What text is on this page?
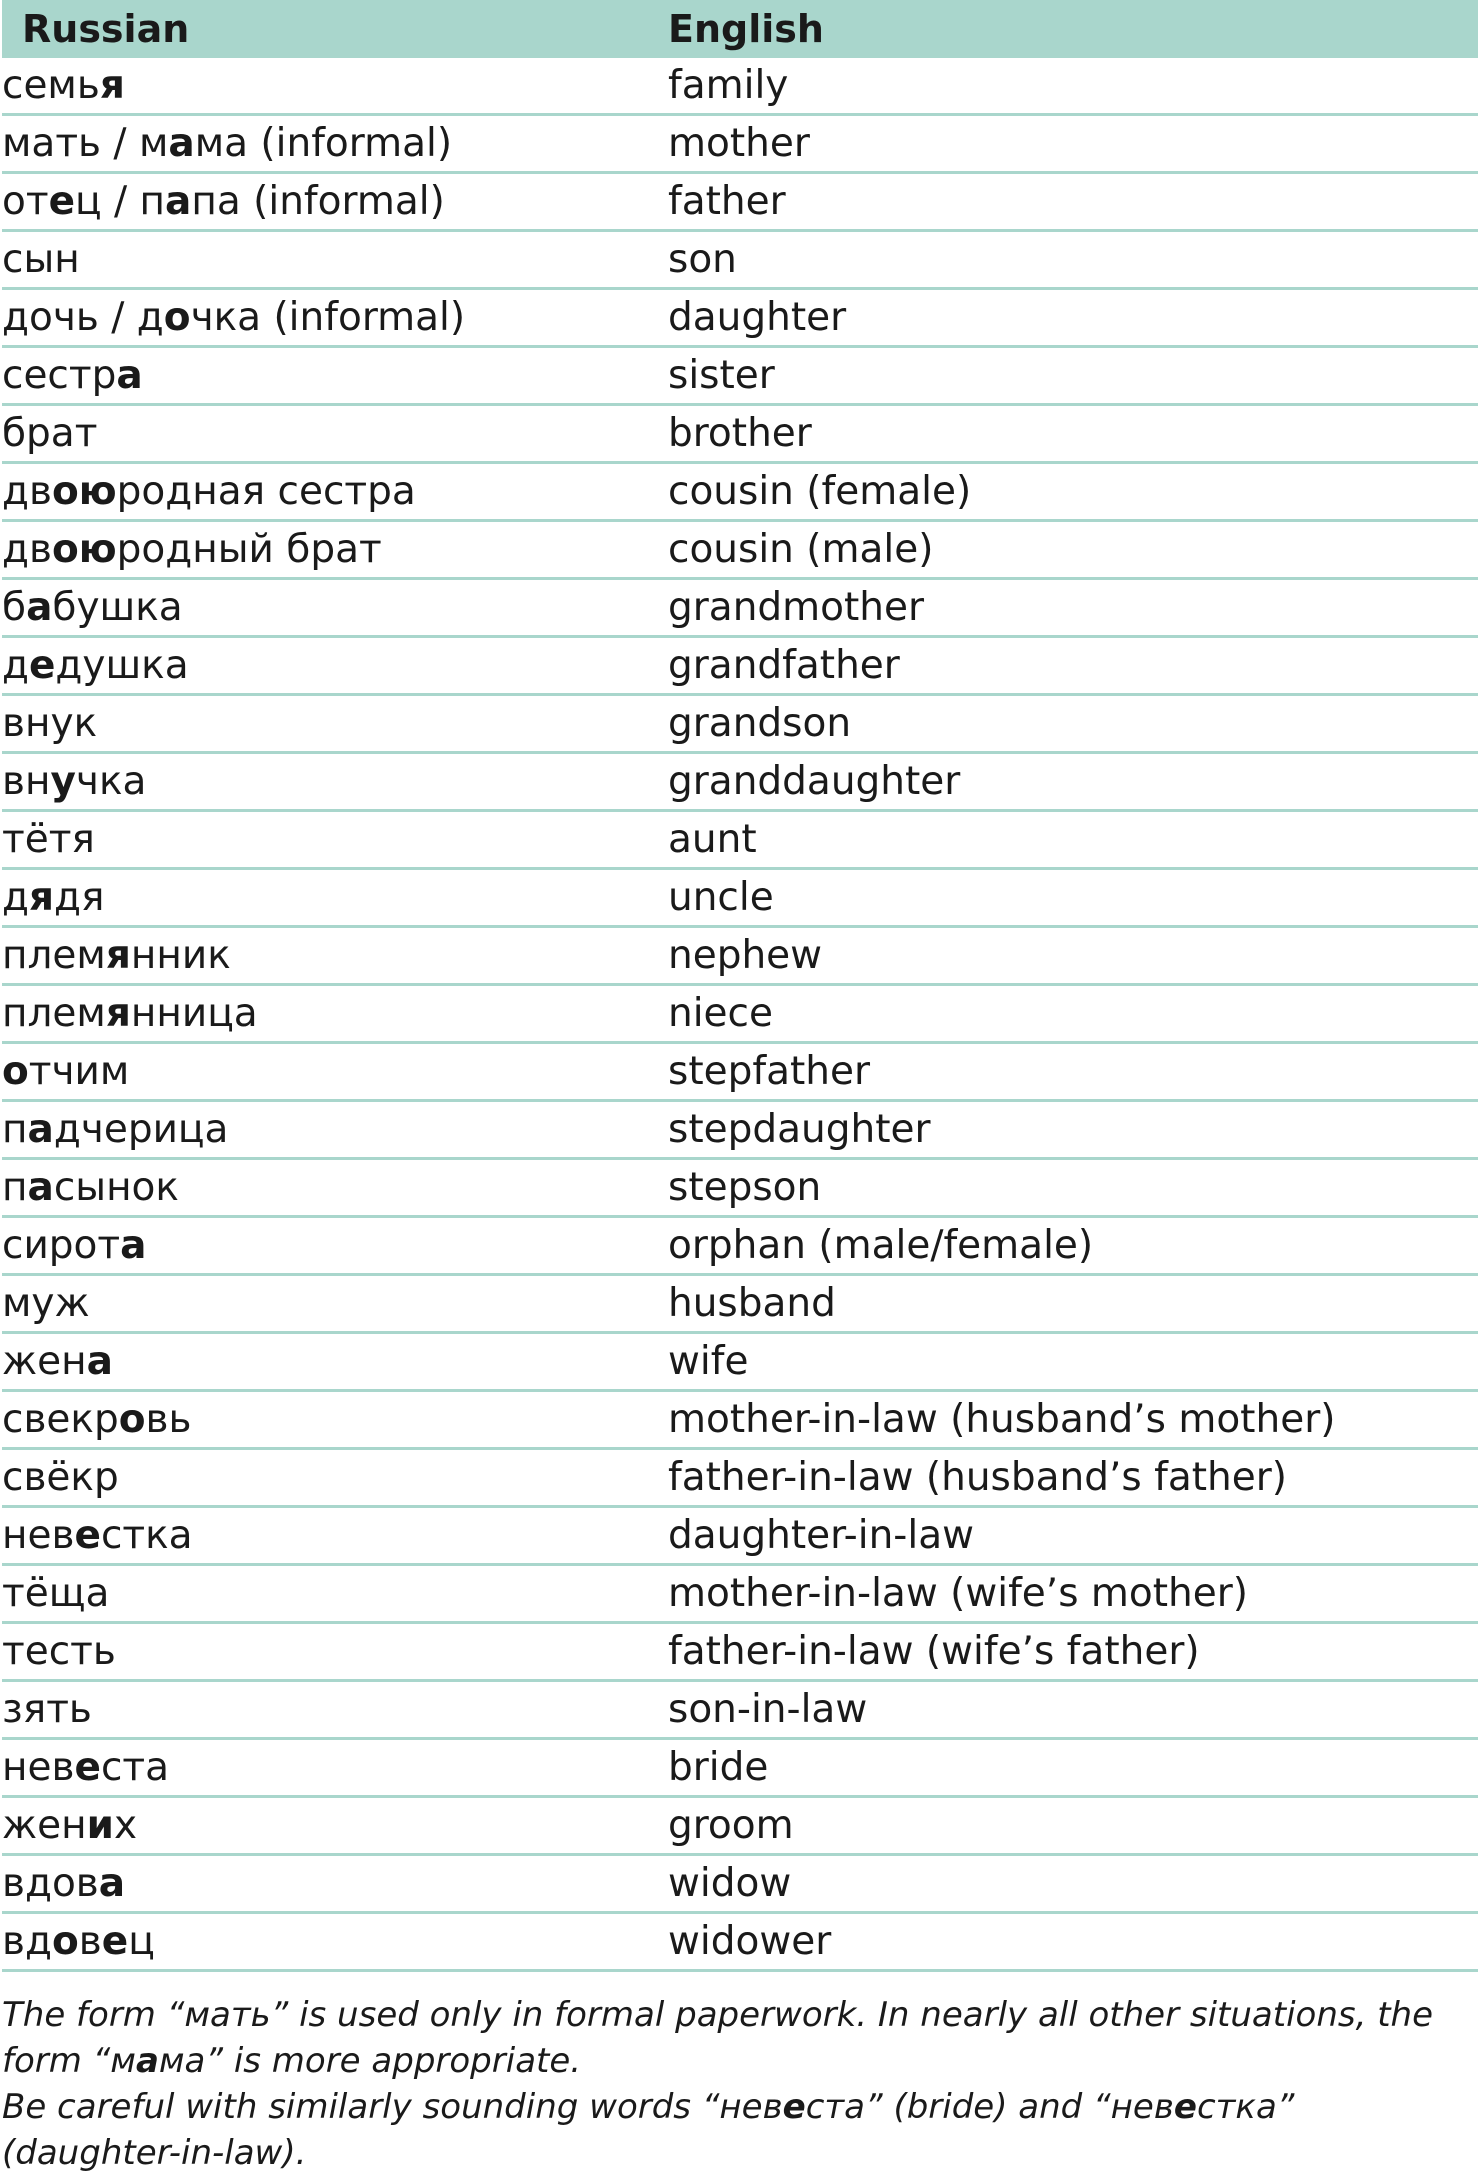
Russian	English
семья	family
мать / мама (informal)	mother
отец / папа (informal)	father
сын	son
дочь / дочка (informal)	daughter
сестра	sister
брат	brother
двоюродная сестра	cousin (female)
двоюродный брат	cousin (male)
бабушка	grandmother
дедушка	grandfather
внук	grandson
внучка	granddaughter
тётя	aunt
дядя	uncle
племянник	nephew
племянница	niece
отчим	stepfather
падчерица	stepdaughter
пасынок	stepson
сирота	orphan (male/female)
муж	husband
жена	wife
свекровь	mother-in-law (husband’s mother)
свёкр	father-in-law (husband’s father)
невестка	daughter-in-law
тёща	mother-in-law (wife’s mother)
тесть	father-in-law (wife’s father)
зять	son-in-law
невеста	bride
жених	groom
вдова	widow
вдовец	widower

The form “мать” is used only in formal paperwork. In nearly all other situations, the form “мама” is more appropriate.

Be careful with similarly sounding words “невеста” (bride) and “невестка” (daughter-in-law).
